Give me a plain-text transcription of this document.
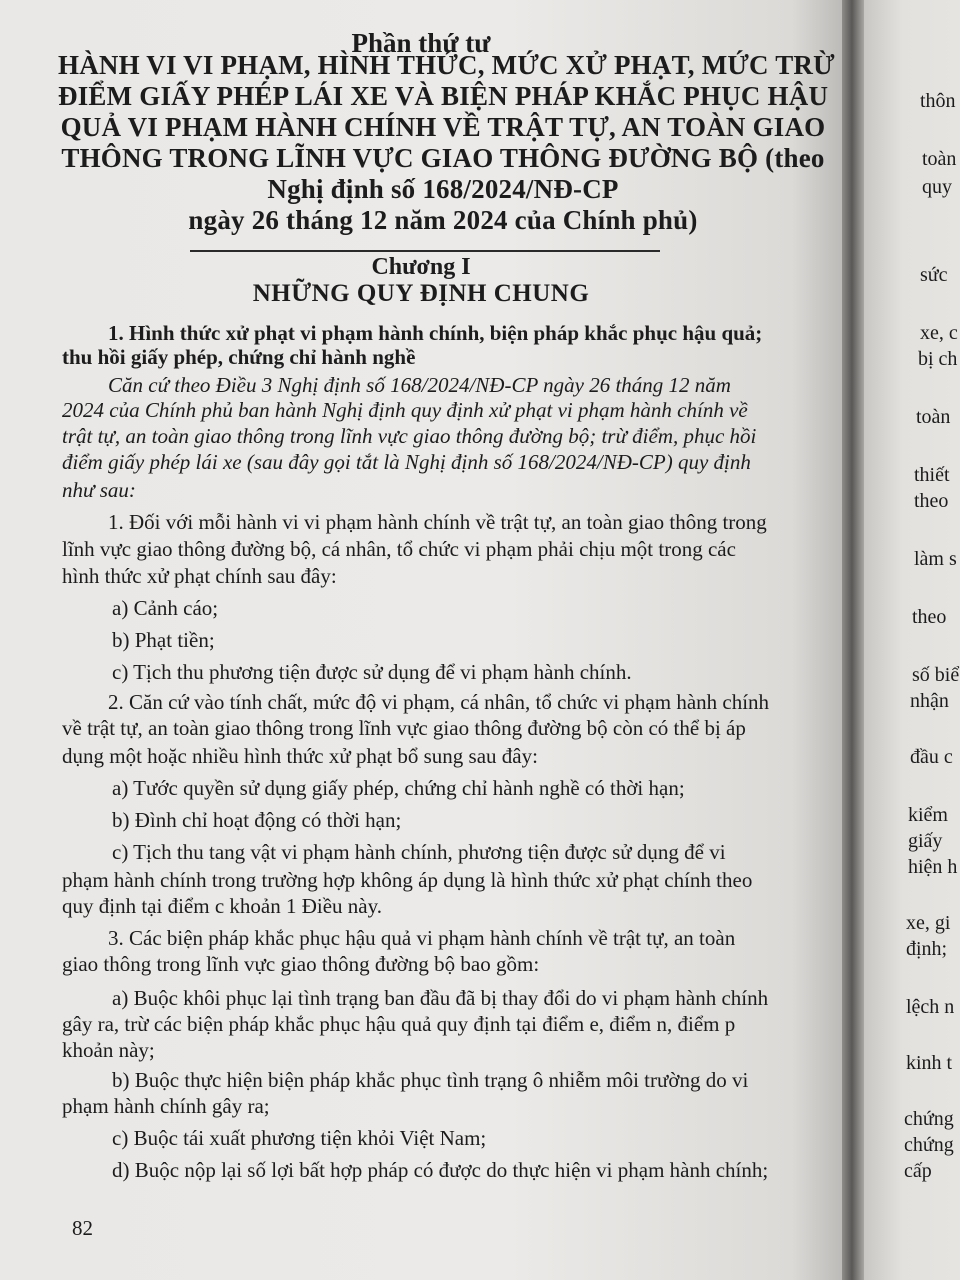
Phần thứ tư
HÀNH VI VI PHẠM, HÌNH THỨC, MỨC XỬ PHẠT, MỨC TRỪ
ĐIỂM GIẤY PHÉP LÁI XE VÀ BIỆN PHÁP KHẮC PHỤC HẬU
QUẢ VI PHẠM HÀNH CHÍNH VỀ TRẬT TỰ, AN TOÀN GIAO
THÔNG TRONG LĨNH VỰC GIAO THÔNG ĐƯỜNG BỘ (theo
Nghị định số 168/2024/NĐ-CP
ngày 26 tháng 12 năm 2024 của Chính phủ)
Chương I
NHỮNG QUY ĐỊNH CHUNG
1. Hình thức xử phạt vi phạm hành chính, biện pháp khắc phục hậu quả;
thu hồi giấy phép, chứng chỉ hành nghề
Căn cứ theo Điều 3 Nghị định số 168/2024/NĐ-CP ngày 26 tháng 12 năm
2024 của Chính phủ ban hành Nghị định quy định xử phạt vi phạm hành chính về
trật tự, an toàn giao thông trong lĩnh vực giao thông đường bộ; trừ điểm, phục hồi
điểm giấy phép lái xe (sau đây gọi tắt là Nghị định số 168/2024/NĐ-CP) quy định
như sau:
1. Đối với mỗi hành vi vi phạm hành chính về trật tự, an toàn giao thông trong
lĩnh vực giao thông đường bộ, cá nhân, tổ chức vi phạm phải chịu một trong các
hình thức xử phạt chính sau đây:
a) Cảnh cáo;
b) Phạt tiền;
c) Tịch thu phương tiện được sử dụng để vi phạm hành chính.
2. Căn cứ vào tính chất, mức độ vi phạm, cá nhân, tổ chức vi phạm hành chính
về trật tự, an toàn giao thông trong lĩnh vực giao thông đường bộ còn có thể bị áp
dụng một hoặc nhiều hình thức xử phạt bổ sung sau đây:
a) Tước quyền sử dụng giấy phép, chứng chỉ hành nghề có thời hạn;
b) Đình chỉ hoạt động có thời hạn;
c) Tịch thu tang vật vi phạm hành chính, phương tiện được sử dụng để vi
phạm hành chính trong trường hợp không áp dụng là hình thức xử phạt chính theo
quy định tại điểm c khoản 1 Điều này.
3. Các biện pháp khắc phục hậu quả vi phạm hành chính về trật tự, an toàn
giao thông trong lĩnh vực giao thông đường bộ bao gồm:
a) Buộc khôi phục lại tình trạng ban đầu đã bị thay đổi do vi phạm hành chính
gây ra, trừ các biện pháp khắc phục hậu quả quy định tại điểm e, điểm n, điểm p
khoản này;
b) Buộc thực hiện biện pháp khắc phục tình trạng ô nhiễm môi trường do vi
phạm hành chính gây ra;
c) Buộc tái xuất phương tiện khỏi Việt Nam;
d) Buộc nộp lại số lợi bất hợp pháp có được do thực hiện vi phạm hành chính;
82
thôn
toàn
quy
sức
xe, c
bị ch
toàn
thiết
theo
làm s
theo
số biể
nhận
đầu c
kiểm
giấy
hiện h
xe, gi
định;
lệch n
kinh t
chứng
chứng
cấp
